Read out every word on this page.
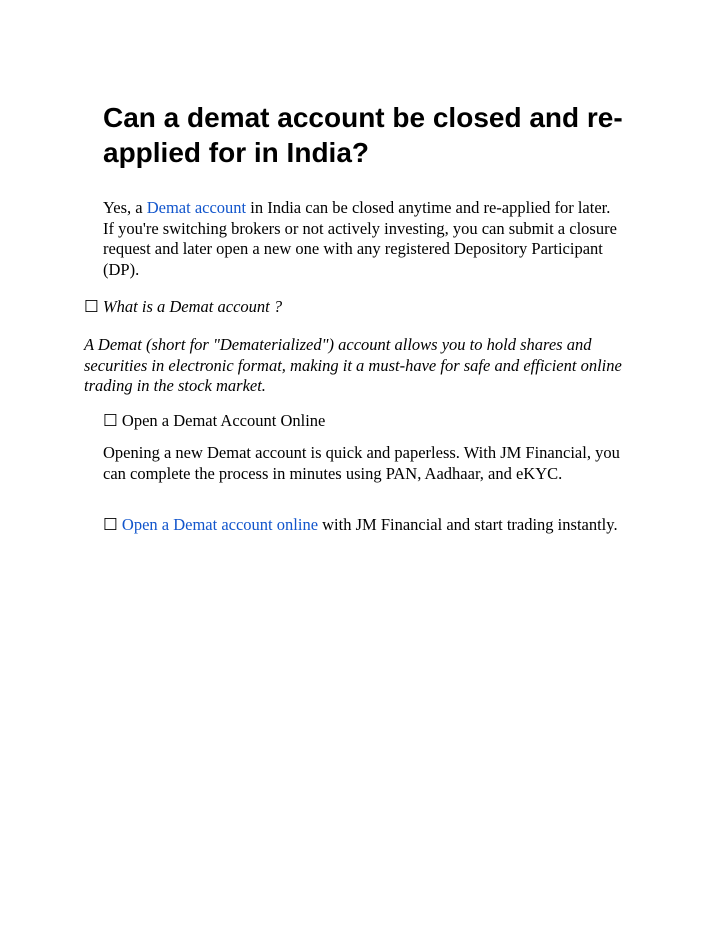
Can a demat account be closed and re-applied for in India?

Yes, a Demat account in India can be closed anytime and re-applied for later. If you're switching brokers or not actively investing, you can submit a closure request and later open a new one with any registered Depository Participant (DP).

☐ What is a Demat account ?

A Demat (short for "Dematerialized") account allows you to hold shares and securities in electronic format, making it a must-have for safe and efficient online trading in the stock market.

☐ Open a Demat Account Online

Opening a new Demat account is quick and paperless. With JM Financial, you can complete the process in minutes using PAN, Aadhaar, and eKYC.

☐ Open a Demat account online with JM Financial and start trading instantly.
